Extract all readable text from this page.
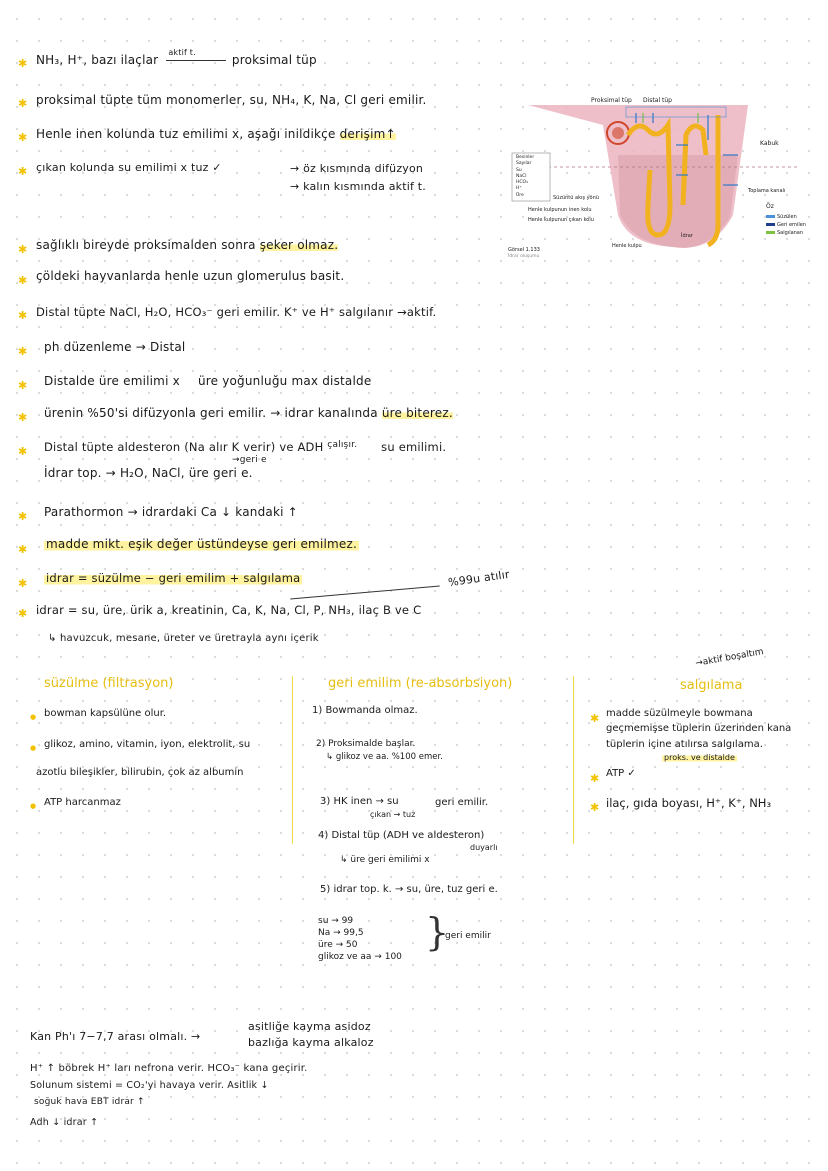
✱ NH₃, H⁺, bazı ilaçlar $^{aktif t.}$  proksimal tüp
✱ proksimal tüpte tüm monomerler, su, NH₄, K, Na, Cl geri emilir.
✱ Henle inen kolunda tuz emilimi x, aşağı inildikçe derişim↑
✱ çıkan kolunda su emilimi x tuz ✓	→ öz kısmında difüzyon
→ kalın kısmında aktif t.
Proksimal tüp Distal tüp
Kabuk
Toplama kanalı
Öz
Süzüntü akış yönü
Henle kulpunun inen kolu
Henle kulpunun çıkan kolu
Henle kulpu
İdrar
Görsel 1.133
İdrar oluşumu
Besinler
Sayılar
Su
NaCl
HCO₃
H⁺
Üre
Süzülen
Geri emilen
Salgılanan
✱ sağlıklı bireyde proksimalden sonra şeker olmaz.
✱ çöldeki hayvanlarda henle uzun glomerulus basit.
✱ Distal tüpte NaCl, H₂O, HCO₃⁻ geri emilir. K⁺ ve H⁺ salgılanır →aktif.
✱ ph düzenleme → Distal
✱ Distalde üre emilimi x üre yoğunluğu max distalde
✱ ürenin %50'si difüzyonla geri emilir. → idrar kanalında üre biterez.
✱ Distal tüpte aldesteron (Na alır K verir) ve ADH $^{çalışır.}$ su emilimi.
→geri e
İdrar top. → H₂O, NaCl, üre geri e.
✱ Parathormon → idrardaki Ca ↓ kandaki ↑
✱ madde mikt. eşik değer üstündeyse geri emilmez.
✱ idrar = süzülme − geri emilim + salgılama	%99u atılır
✱ idrar = su, üre, ürik a, kreatinin, Ca, K, Na, Cl, P, NH₃, ilaç B ve C
↳ havuzcuk, mesane, üreter ve üretrayla aynı içerik
süzülme (filtrasyon)
● bowman kapsülüne olur.
● glikoz, amino, vitamin, iyon, elektrolit, su
azotlu bileşikler, bilirubin, çok az albumin
● ATP harcanmaz
geri emilim (re-absorbsiyon)
1) Bowmanda olmaz.
2) Proksimalde başlar.
↳ glikoz ve aa. %100 emer.
3) HK inen → su
çıkan → tuz
geri emilir.
4) Distal tüp (ADH ve aldesteron)
duyarlı
↳ üre geri emilimi x
5) idrar top. k. → su, üre, tuz geri e.
su → 99
Na → 99,5
üre → 50
glikoz ve aa → 100
}
geri emilir
→aktif boşaltım
salgılama
✱ madde süzülmeyle bowmana
geçmemişse tüplerin üzerinden kana
tüplerin içine atılırsa salgılama.
proks. ve distalde
✱ ATP ✓
✱ ilaç, gıda boyası, H⁺, K⁺, NH₃
Kan Ph'ı 7−7,7 arası olmalı. →
asitliğe kayma asidoz
bazlığa kayma alkaloz
H⁺ ↑ böbrek H⁺ ları nefrona verir. HCO₃⁻ kana geçirir.
Solunum sistemi = CO₂'yi havaya verir. Asitlik ↓
soğuk hava EBT idrar ↑
Adh ↓ idrar ↑
